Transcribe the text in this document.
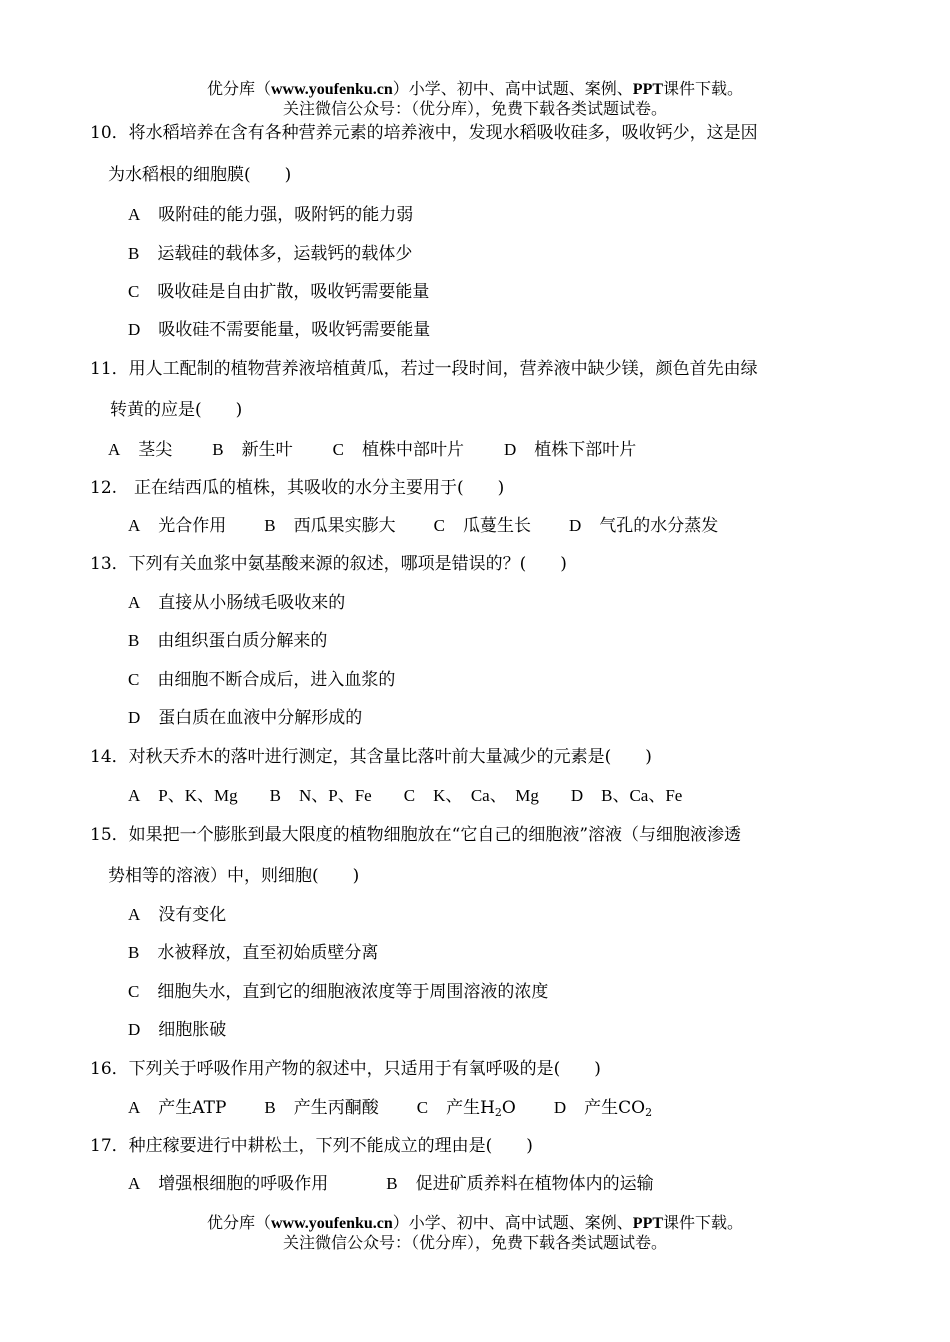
优分库（www.youfenku.cn）小学、初中、高中试题、案例、PPT课件下载。
关注微信公众号：（优分库），免费下载各类试题试卷。
10．将水稻培养在含有各种营养元素的培养液中，发现水稻吸收硅多，吸收钙少，这是因
为水稻根的细胞膜(　　)
A 吸附硅的能力强，吸附钙的能力弱
B 运载硅的载体多，运载钙的载体少
C 吸收硅是自由扩散，吸收钙需要能量
D 吸收硅不需要能量，吸收钙需要能量
11．用人工配制的植物营养液培植黄瓜，若过一段时间，营养液中缺少镁，颜色首先由绿
转黄的应是(　　)
A 茎尖 B 新生叶 C 植株中部叶片 D 植株下部叶片
12.　正在结西瓜的植株，其吸收的水分主要用于(　　)
A 光合作用 B 西瓜果实膨大 C 瓜蔓生长 D 气孔的水分蒸发
13．下列有关血浆中氨基酸来源的叙述，哪项是错误的？(　　)
A 直接从小肠绒毛吸收来的
B 由组织蛋白质分解来的
C 由细胞不断合成后，进入血浆的
D 蛋白质在血液中分解形成的
14．对秋天乔木的落叶进行测定，其含量比落叶前大量减少的元素是(　　)
A P、K、Mg B N、P、Fe C K、　Ca、　Mg D B、Ca、Fe
15．如果把一个膨胀到最大限度的植物细胞放在“它自己的细胞液”溶液（与细胞液渗透
势相等的溶液）中，则细胞(　　)
A 没有变化
B 水被释放，直至初始质壁分离
C 细胞失水，直到它的细胞液浓度等于周围溶液的浓度
D 细胞胀破
16．下列关于呼吸作用产物的叙述中，只适用于有氧呼吸的是(　　)
A 产生ATP B 产生丙酮酸 C 产生$H_2O$ D 产生$CO_2$
17．种庄稼要进行中耕松土，下列不能成立的理由是(　　)
A 增强根细胞的呼吸作用	B 促进矿质养料在植物体内的运输
优分库（www.youfenku.cn）小学、初中、高中试题、案例、PPT课件下载。
关注微信公众号：（优分库），免费下载各类试题试卷。
